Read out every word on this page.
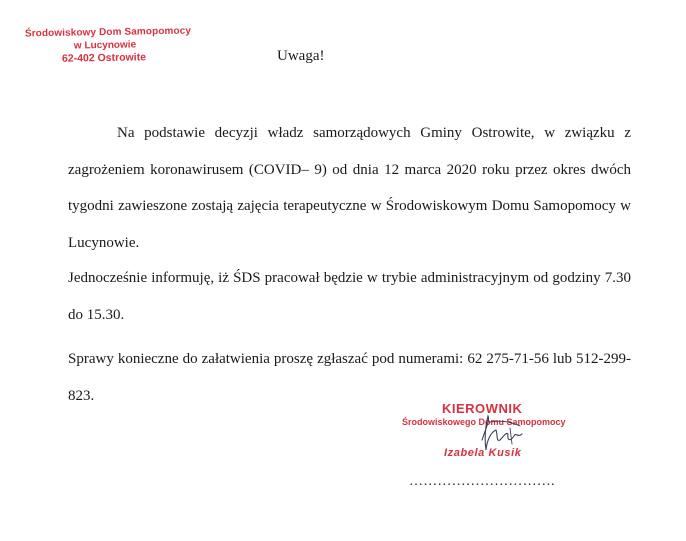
Środowiskowy Dom Samopomocy
w Lucynowie
62-402 Ostrowite	Uwaga!

Na podstawie decyzji władz samorządowych Gminy Ostrowite, w związku z zagrożeniem koronawirusem (COVID– 9) od dnia 12 marca 2020 roku przez okres dwóch tygodni zawieszone zostają zajęcia terapeutyczne w Środowiskowym Domu Samopomocy w Lucynowie.

Jednocześnie informuję, iż ŚDS pracował będzie w trybie administracyjnym od godziny 7.30 do 15.30.

Sprawy konieczne do załatwienia proszę zgłaszać pod numerami: 62 275-71-56 lub 512-299-823.

KIEROWNIK
Środowiskowego Domu Samopomocy
Izabela Kusik
………………………….
